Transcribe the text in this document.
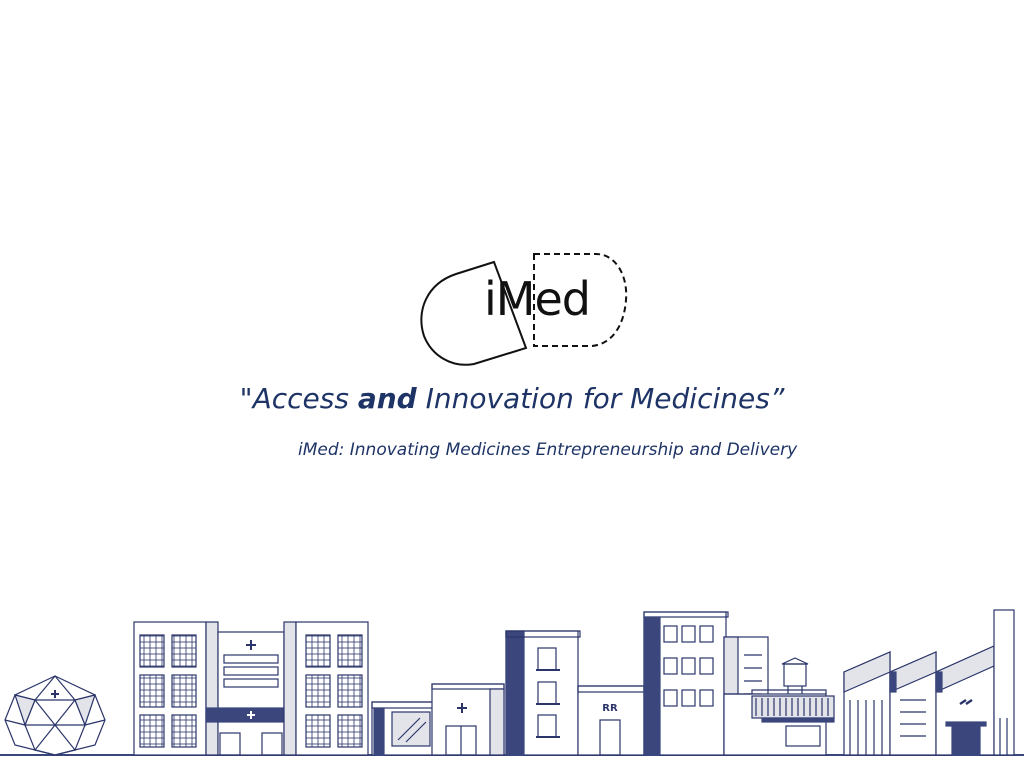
iMed
"Access and Innovation for Medicines”
iMed: Innovating Medicines Entrepreneurship and Delivery
RR
